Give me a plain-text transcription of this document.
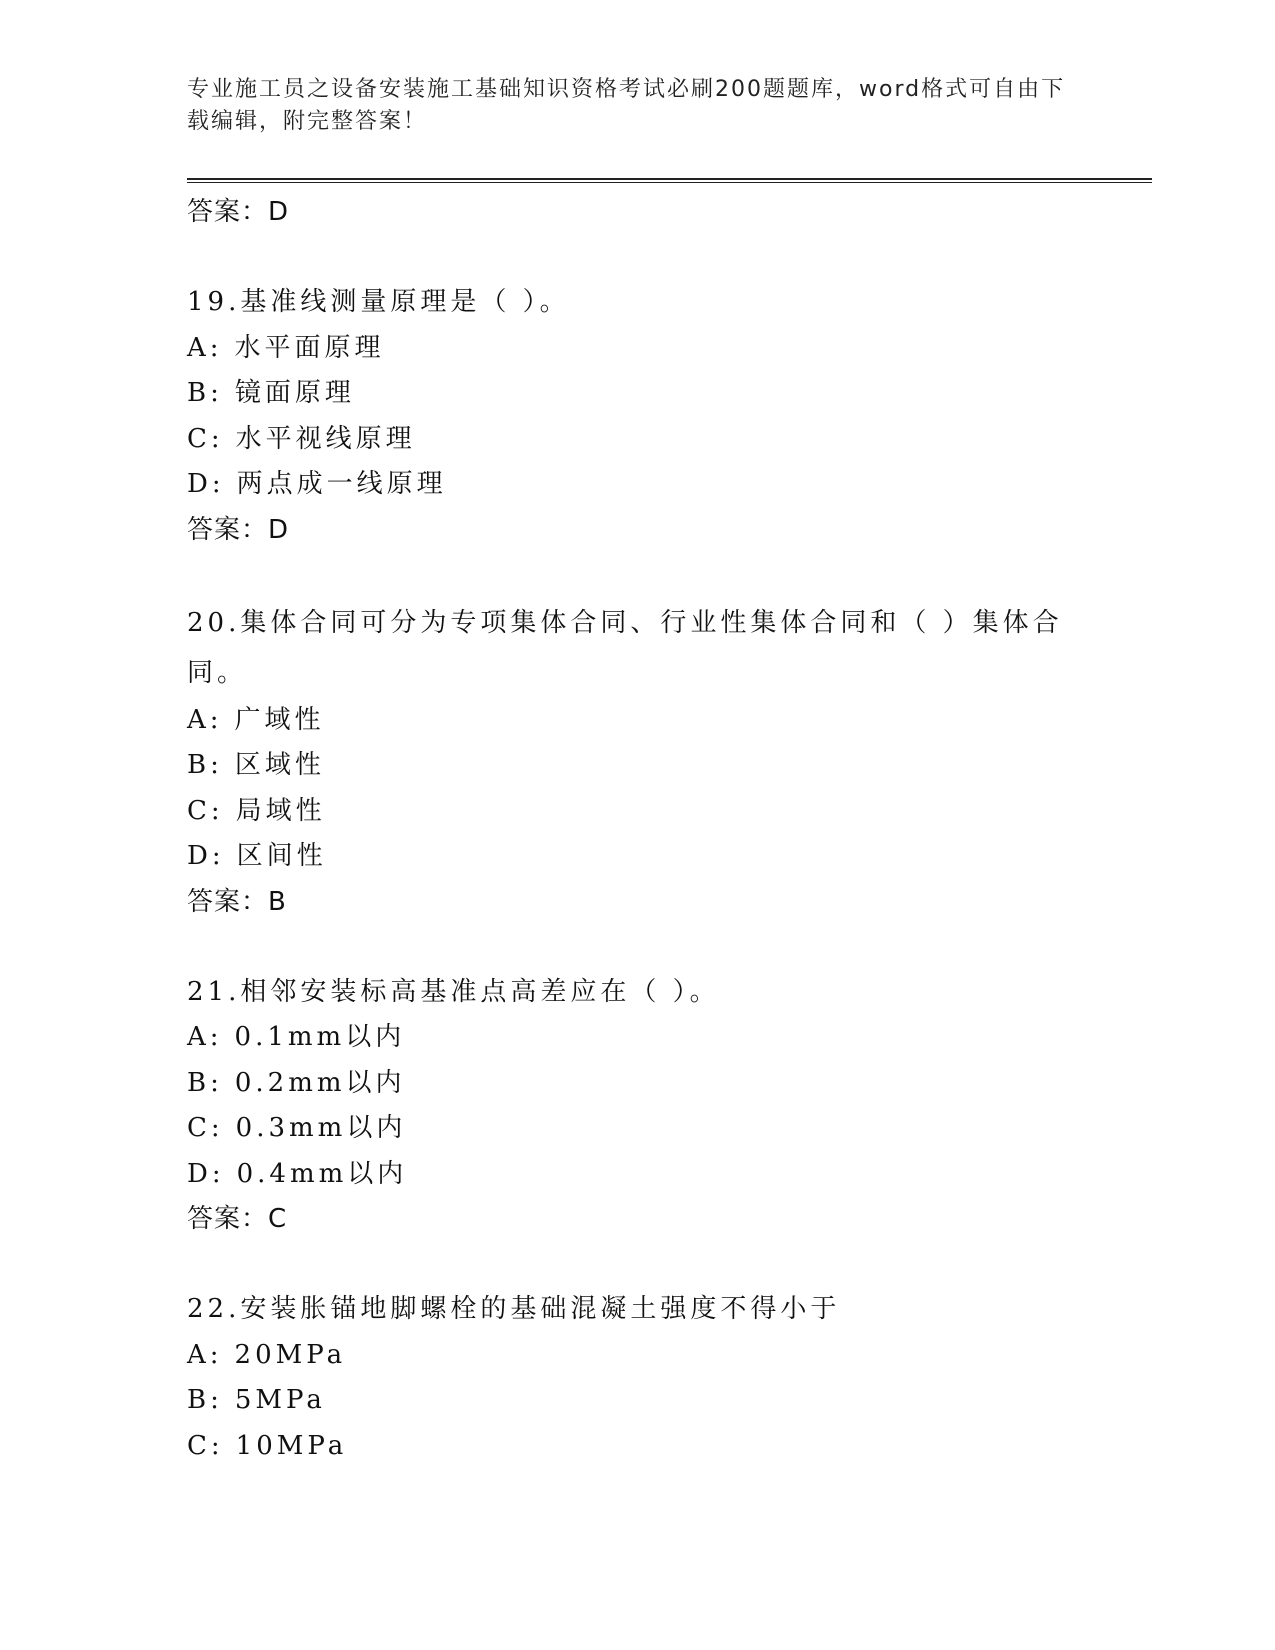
专业施工员之设备安装施工基础知识资格考试必刷200题题库，word格式可自由下载编辑，附完整答案！

答案：D

19.基准线测量原理是（ ）。

A: 水平面原理

B: 镜面原理

C: 水平视线原理

D: 两点成一线原理

答案：D

20.集体合同可分为专项集体合同、行业性集体合同和（ ）集体合同。

A: 广域性

B: 区域性

C: 局域性

D: 区间性

答案：B

21.相邻安装标高基准点高差应在（ ）。

A: 0.1mm以内

B: 0.2mm以内

C: 0.3mm以内

D: 0.4mm以内

答案：C

22.安装胀锚地脚螺栓的基础混凝土强度不得小于

A: 20MPa

B: 5MPa

C: 10MPa
